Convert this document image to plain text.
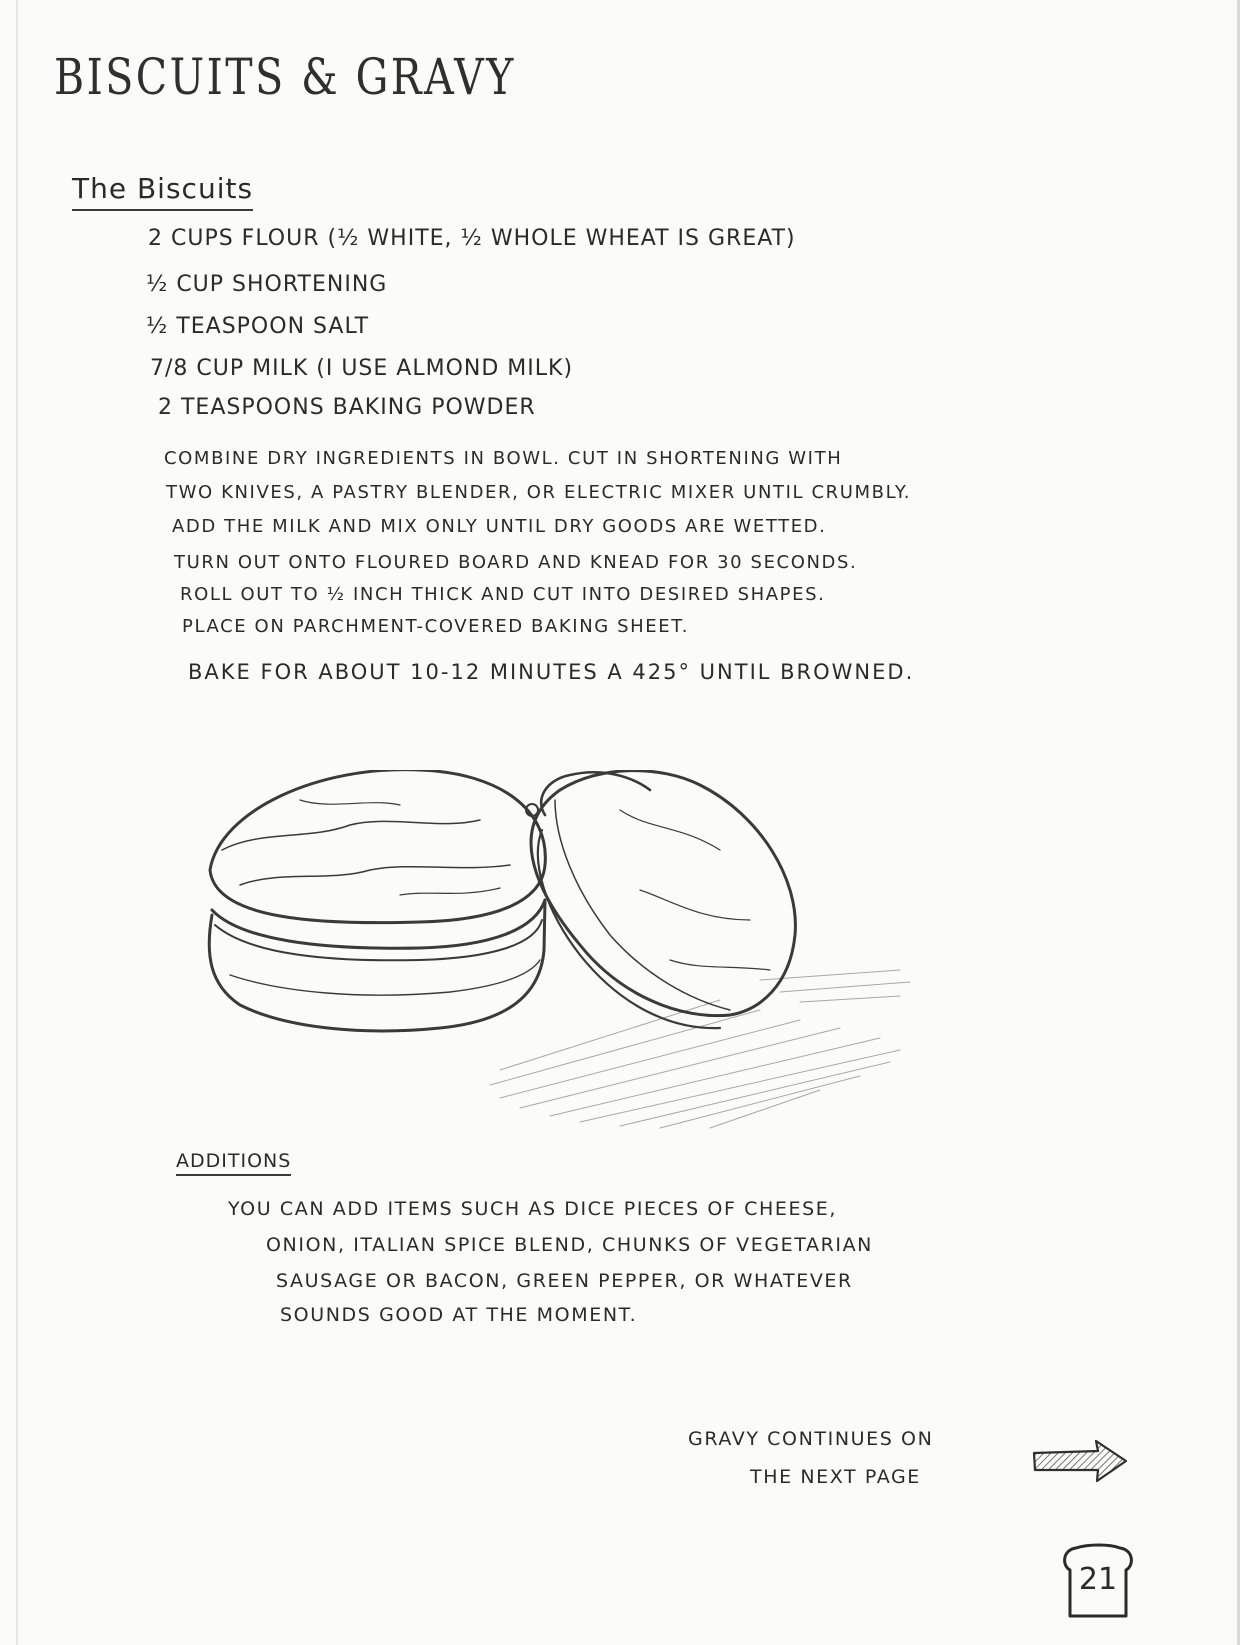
BISCUITS & GRAVY
The Biscuits
2 CUPS FLOUR (½ WHITE, ½ WHOLE WHEAT IS GREAT)
½ CUP SHORTENING
½ TEASPOON SALT
7/8 CUP MILK (I USE ALMOND MILK)
2 TEASPOONS BAKING POWDER
COMBINE DRY INGREDIENTS IN BOWL. CUT IN SHORTENING WITH
TWO KNIVES, A PASTRY BLENDER, OR ELECTRIC MIXER UNTIL CRUMBLY.
ADD THE MILK AND MIX ONLY UNTIL DRY GOODS ARE WETTED.
TURN OUT ONTO FLOURED BOARD AND KNEAD FOR 30 SECONDS.
ROLL OUT TO ½ INCH THICK AND CUT INTO DESIRED SHAPES.
PLACE ON PARCHMENT-COVERED BAKING SHEET.
BAKE FOR ABOUT 10-12 MINUTES A 425° UNTIL BROWNED.
ADDITIONS
YOU CAN ADD ITEMS SUCH AS DICE PIECES OF CHEESE,
ONION, ITALIAN SPICE BLEND, CHUNKS OF VEGETARIAN
SAUSAGE OR BACON, GREEN PEPPER, OR WHATEVER
SOUNDS GOOD AT THE MOMENT.
GRAVY CONTINUES ON
THE NEXT PAGE
21
